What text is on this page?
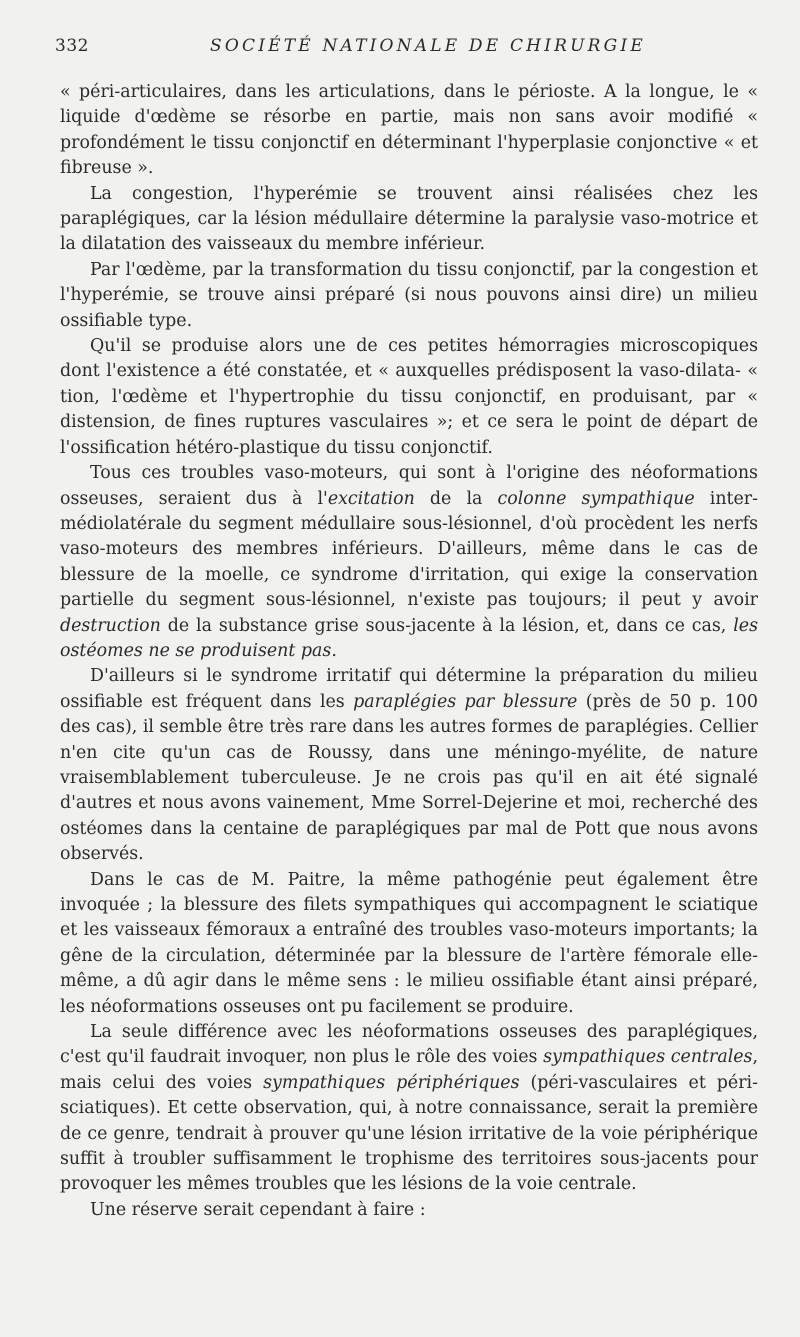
332	SOCIÉTÉ NATIONALE DE CHIRURGIE

« péri-articulaires, dans les articulations, dans le périoste. A la longue, le « liquide d'œdème se résorbe en partie, mais non sans avoir modifié « profondément le tissu conjonctif en déterminant l'hyperplasie conjonctive « et fibreuse ».

La congestion, l'hyperémie se trouvent ainsi réalisées chez les paraplégiques, car la lésion médullaire détermine la paralysie vaso-motrice et la dilatation des vaisseaux du membre inférieur.

Par l'œdème, par la transformation du tissu conjonctif, par la congestion et l'hyperémie, se trouve ainsi préparé (si nous pouvons ainsi dire) un milieu ossifiable type.

Qu'il se produise alors une de ces petites hémorragies microscopiques dont l'existence a été constatée, et « auxquelles prédisposent la vaso-dilata- « tion, l'œdème et l'hypertrophie du tissu conjonctif, en produisant, par « distension, de fines ruptures vasculaires »; et ce sera le point de départ de l'ossification hétéro-plastique du tissu conjonctif.

Tous ces troubles vaso-moteurs, qui sont à l'origine des néoformations osseuses, seraient dus à l'excitation de la colonne sympathique inter-médiolatérale du segment médullaire sous-lésionnel, d'où procèdent les nerfs vaso-moteurs des membres inférieurs. D'ailleurs, même dans le cas de blessure de la moelle, ce syndrome d'irritation, qui exige la conservation partielle du segment sous-lésionnel, n'existe pas toujours; il peut y avoir destruction de la substance grise sous-jacente à la lésion, et, dans ce cas, les ostéomes ne se produisent pas.

D'ailleurs si le syndrome irritatif qui détermine la préparation du milieu ossifiable est fréquent dans les paraplégies par blessure (près de 50 p. 100 des cas), il semble être très rare dans les autres formes de paraplégies. Cellier n'en cite qu'un cas de Roussy, dans une méningo-myélite, de nature vraisemblablement tuberculeuse. Je ne crois pas qu'il en ait été signalé d'autres et nous avons vainement, Mme Sorrel-Dejerine et moi, recherché des ostéomes dans la centaine de paraplégiques par mal de Pott que nous avons observés.

Dans le cas de M. Paitre, la même pathogénie peut également être invoquée ; la blessure des filets sympathiques qui accompagnent le sciatique et les vaisseaux fémoraux a entraîné des troubles vaso-moteurs importants; la gêne de la circulation, déterminée par la blessure de l'artère fémorale elle-même, a dû agir dans le même sens : le milieu ossifiable étant ainsi préparé, les néoformations osseuses ont pu facilement se produire.

La seule différence avec les néoformations osseuses des paraplégiques, c'est qu'il faudrait invoquer, non plus le rôle des voies sympathiques centrales, mais celui des voies sympathiques périphériques (péri-vasculaires et péri-sciatiques). Et cette observation, qui, à notre connaissance, serait la première de ce genre, tendrait à prouver qu'une lésion irritative de la voie périphérique suffit à troubler suffisamment le trophisme des territoires sous-jacents pour provoquer les mêmes troubles que les lésions de la voie centrale.

Une réserve serait cependant à faire :
